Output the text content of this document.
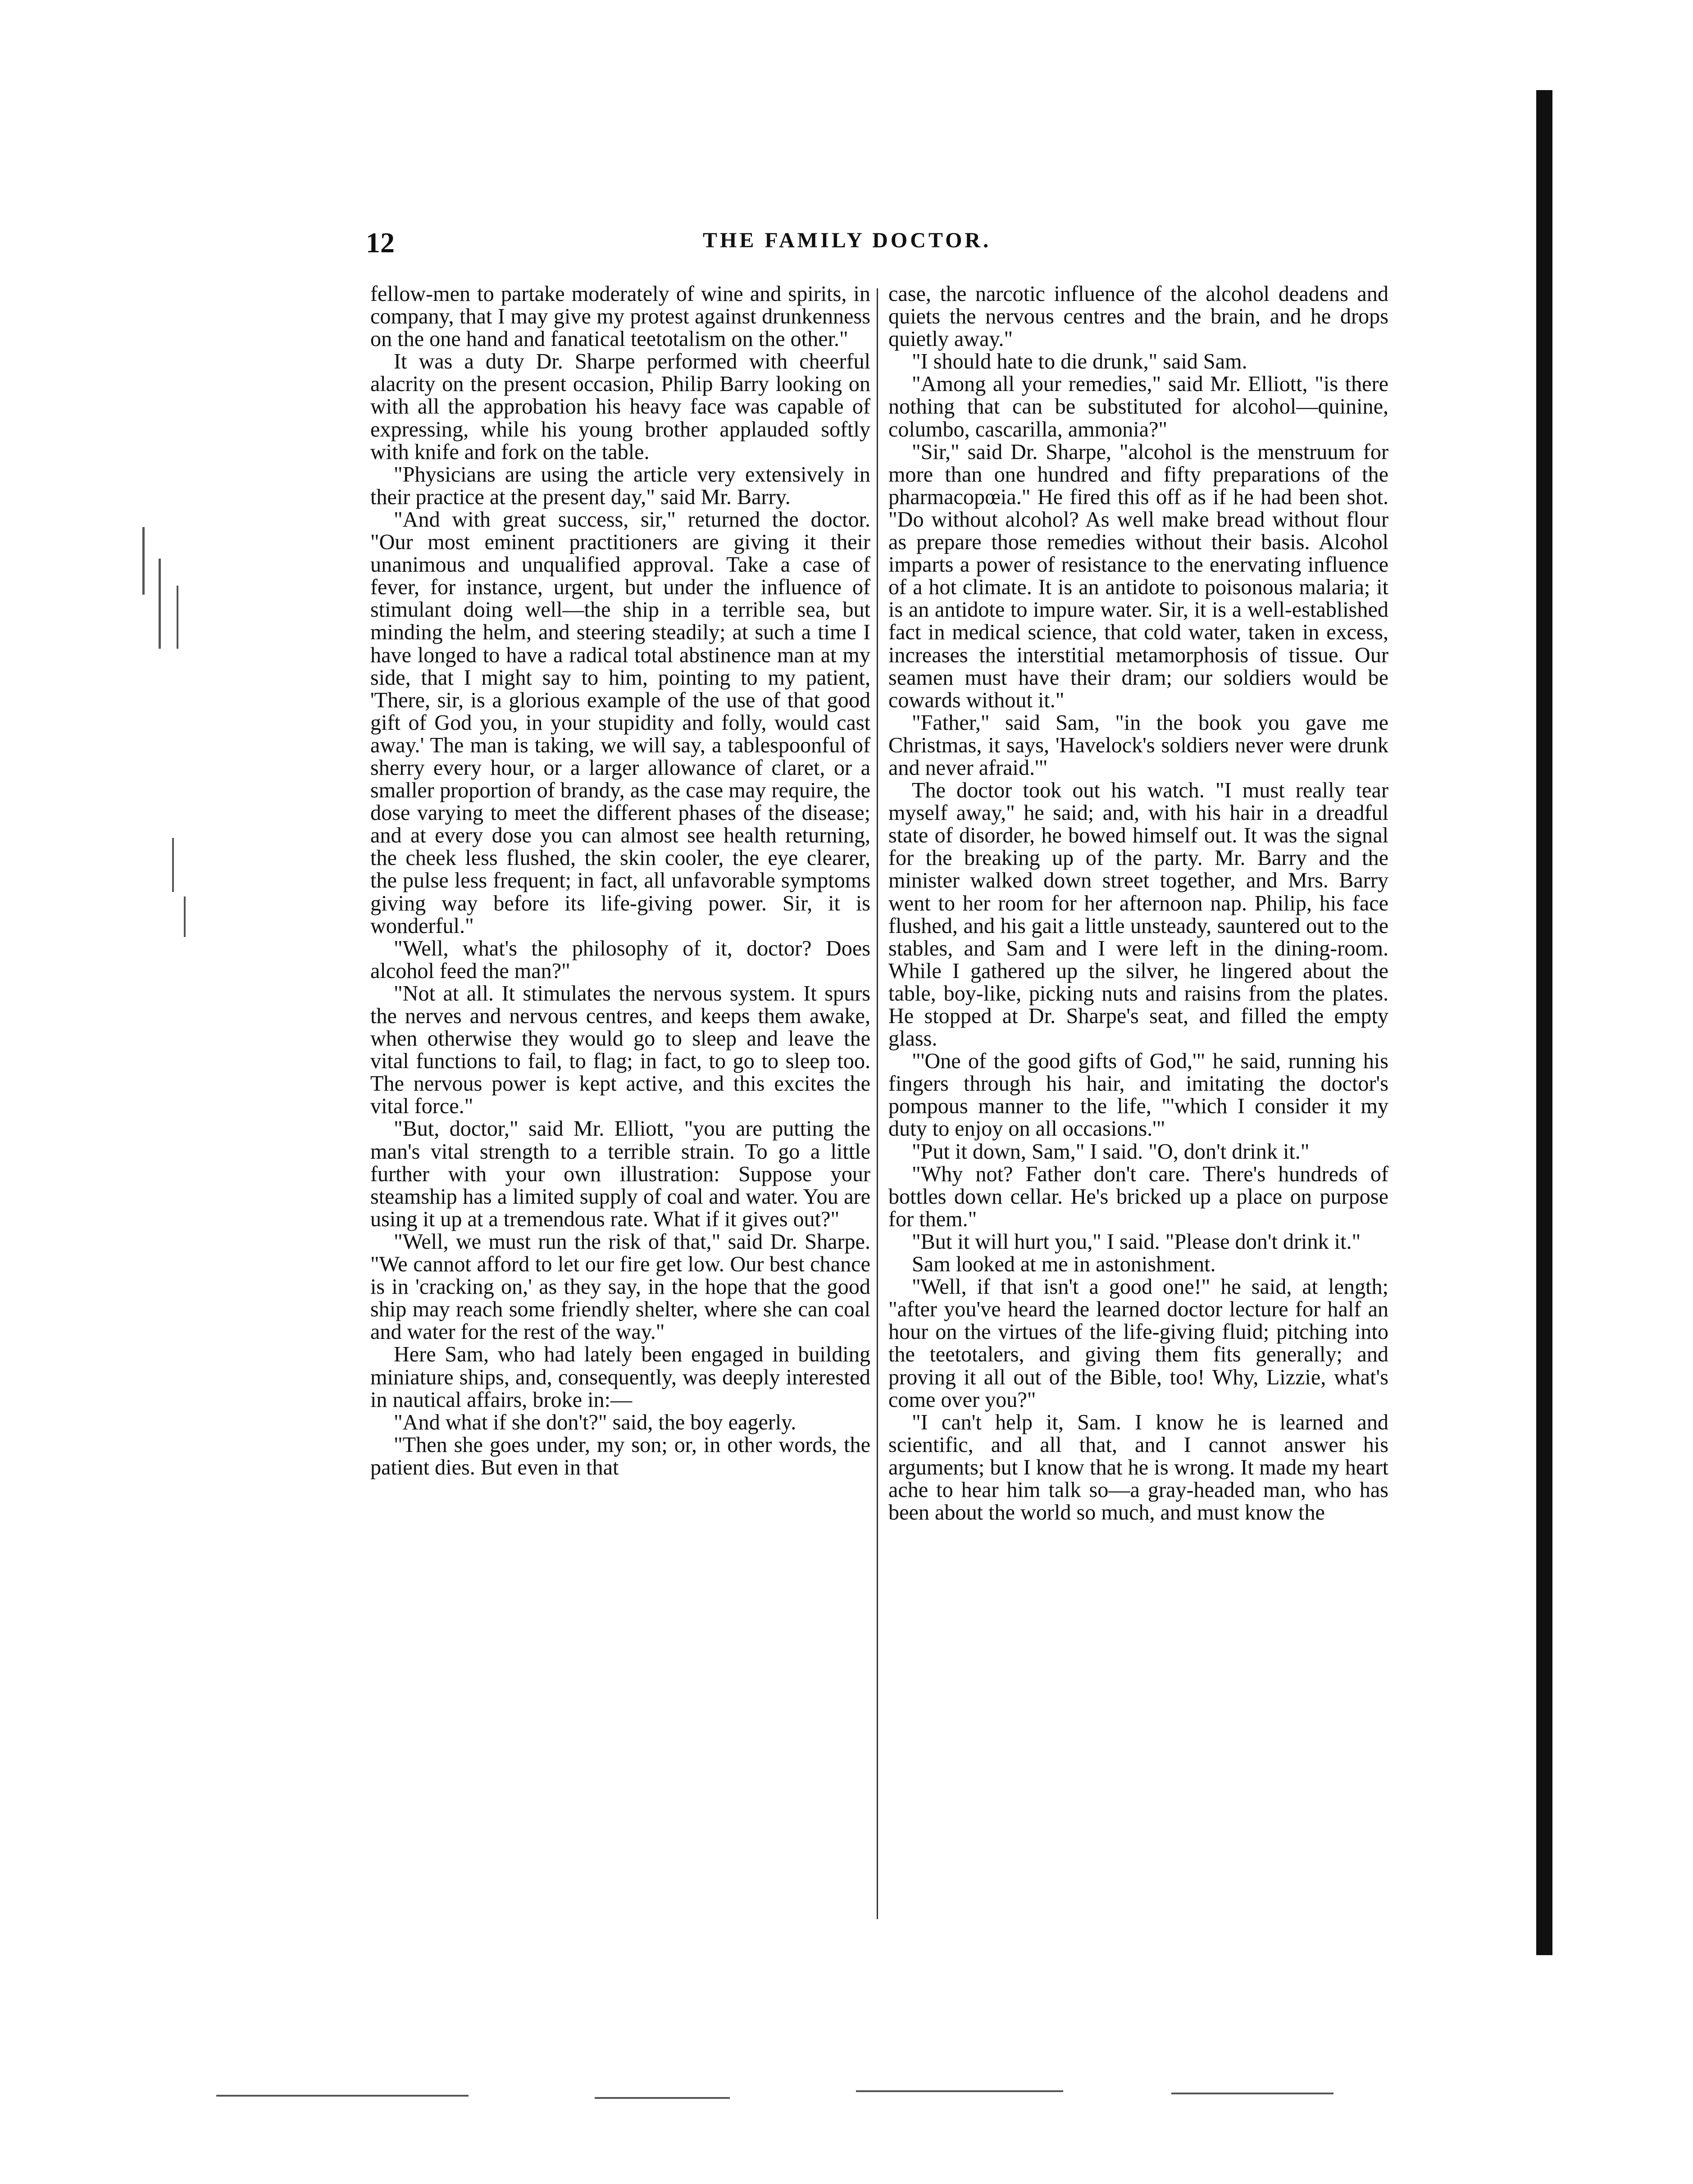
12	THE FAMILY DOCTOR.

fellow-men to partake moderately of wine and spirits, in company, that I may give my protest against drunkenness on the one hand and fanatical teetotalism on the other."

It was a duty Dr. Sharpe performed with cheerful alacrity on the present occasion, Philip Barry looking on with all the approbation his heavy face was capable of expressing, while his young brother applauded softly with knife and fork on the table.

"Physicians are using the article very extensively in their practice at the present day," said Mr. Barry.

"And with great success, sir," returned the doctor. "Our most eminent practitioners are giving it their unanimous and unqualified approval. Take a case of fever, for instance, urgent, but under the influence of stimulant doing well—the ship in a terrible sea, but minding the helm, and steering steadily; at such a time I have longed to have a radical total abstinence man at my side, that I might say to him, pointing to my patient, 'There, sir, is a glorious example of the use of that good gift of God you, in your stupidity and folly, would cast away.' The man is taking, we will say, a tablespoonful of sherry every hour, or a larger allowance of claret, or a smaller proportion of brandy, as the case may require, the dose varying to meet the different phases of the disease; and at every dose you can almost see health returning, the cheek less flushed, the skin cooler, the eye clearer, the pulse less frequent; in fact, all unfavorable symptoms giving way before its life-giving power. Sir, it is wonderful."

"Well, what's the philosophy of it, doctor? Does alcohol feed the man?"

"Not at all. It stimulates the nervous system. It spurs the nerves and nervous centres, and keeps them awake, when otherwise they would go to sleep and leave the vital functions to fail, to flag; in fact, to go to sleep too. The nervous power is kept active, and this excites the vital force."

"But, doctor," said Mr. Elliott, "you are putting the man's vital strength to a terrible strain. To go a little further with your own illustration: Suppose your steamship has a limited supply of coal and water. You are using it up at a tremendous rate. What if it gives out?"

"Well, we must run the risk of that," said Dr. Sharpe. "We cannot afford to let our fire get low. Our best chance is in 'cracking on,' as they say, in the hope that the good ship may reach some friendly shelter, where she can coal and water for the rest of the way."

Here Sam, who had lately been engaged in building miniature ships, and, consequently, was deeply interested in nautical affairs, broke in:—

"And what if she don't?" said, the boy eagerly.

"Then she goes under, my son; or, in other words, the patient dies. But even in that

case, the narcotic influence of the alcohol deadens and quiets the nervous centres and the brain, and he drops quietly away."

"I should hate to die drunk," said Sam.

"Among all your remedies," said Mr. Elliott, "is there nothing that can be substituted for alcohol—quinine, columbo, cascarilla, ammonia?"

"Sir," said Dr. Sharpe, "alcohol is the menstruum for more than one hundred and fifty preparations of the pharmacopœia." He fired this off as if he had been shot. "Do without alcohol? As well make bread without flour as prepare those remedies without their basis. Alcohol imparts a power of resistance to the enervating influence of a hot climate. It is an antidote to poisonous malaria; it is an antidote to impure water. Sir, it is a well-established fact in medical science, that cold water, taken in excess, increases the interstitial metamorphosis of tissue. Our seamen must have their dram; our soldiers would be cowards without it."

"Father," said Sam, "in the book you gave me Christmas, it says, 'Havelock's soldiers never were drunk and never afraid.'"

The doctor took out his watch. "I must really tear myself away," he said; and, with his hair in a dreadful state of disorder, he bowed himself out. It was the signal for the breaking up of the party. Mr. Barry and the minister walked down street together, and Mrs. Barry went to her room for her afternoon nap. Philip, his face flushed, and his gait a little unsteady, sauntered out to the stables, and Sam and I were left in the dining-room. While I gathered up the silver, he lingered about the table, boy-like, picking nuts and raisins from the plates. He stopped at Dr. Sharpe's seat, and filled the empty glass.

"'One of the good gifts of God,'" he said, running his fingers through his hair, and imitating the doctor's pompous manner to the life, "'which I consider it my duty to enjoy on all occasions.'"

"Put it down, Sam," I said. "O, don't drink it."

"Why not? Father don't care. There's hundreds of bottles down cellar. He's bricked up a place on purpose for them."

"But it will hurt you," I said. "Please don't drink it."

Sam looked at me in astonishment.

"Well, if that isn't a good one!" he said, at length; "after you've heard the learned doctor lecture for half an hour on the virtues of the life-giving fluid; pitching into the teetotalers, and giving them fits generally; and proving it all out of the Bible, too! Why, Lizzie, what's come over you?"

"I can't help it, Sam. I know he is learned and scientific, and all that, and I cannot answer his arguments; but I know that he is wrong. It made my heart ache to hear him talk so—a gray-headed man, who has been about the world so much, and must know the
